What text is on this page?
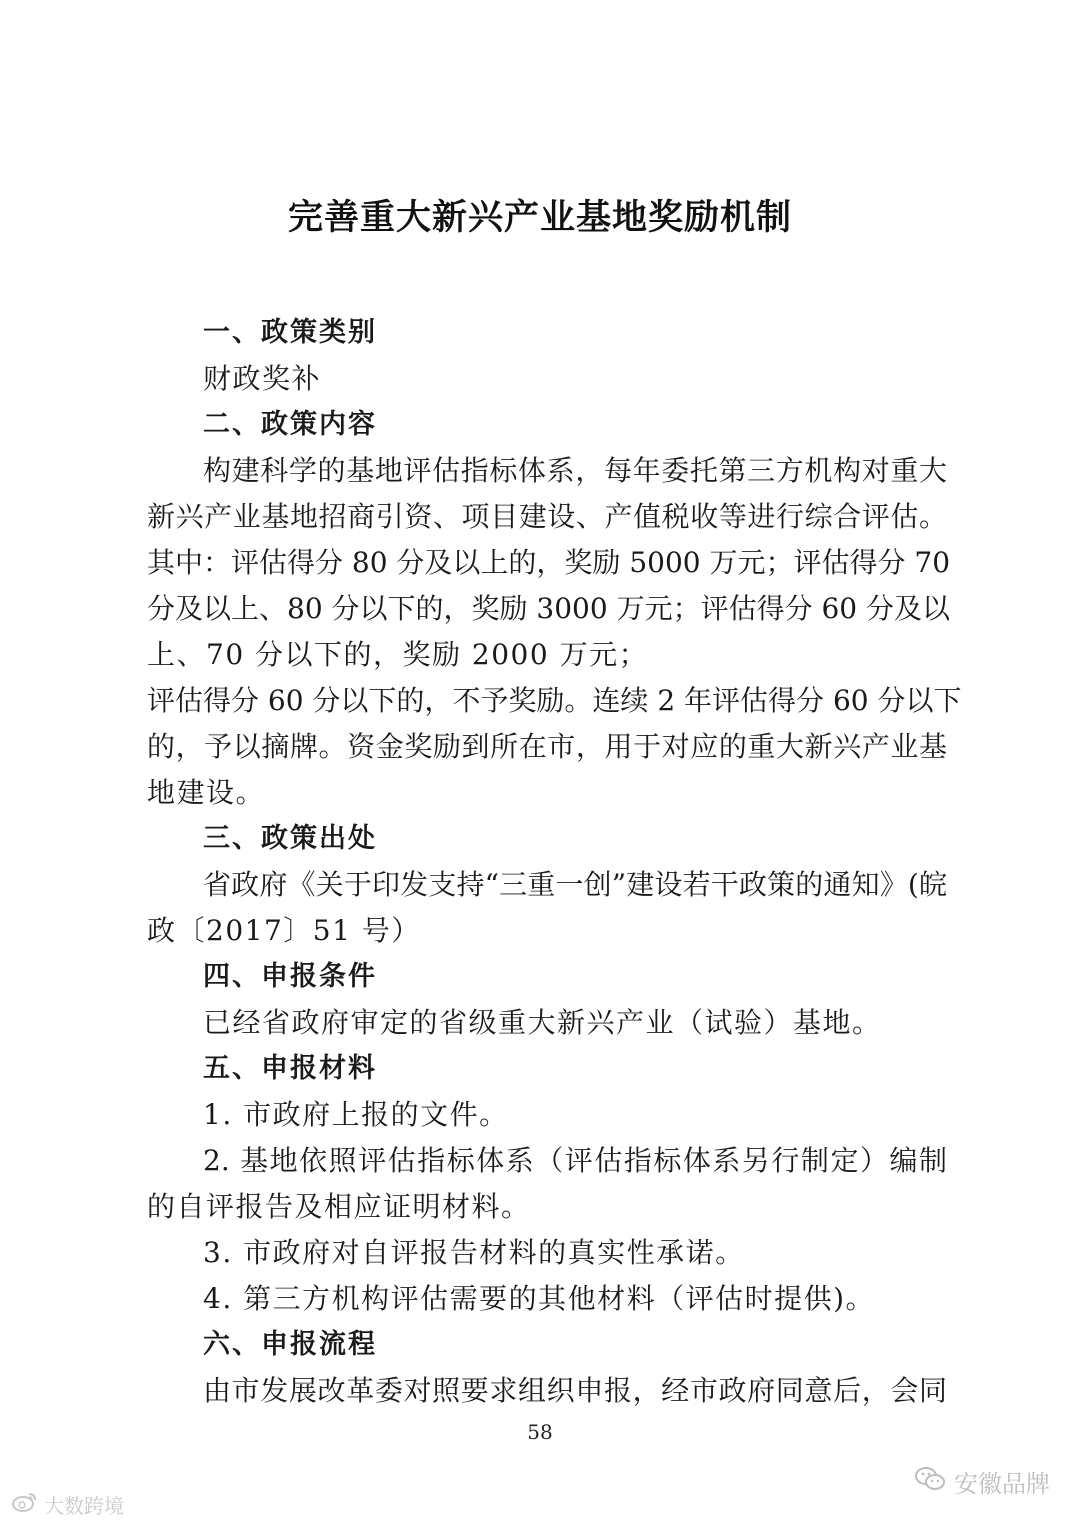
完善重大新兴产业基地奖励机制
一、政策类别
财政奖补
二、政策内容
构建科学的基地评估指标体系，每年委托第三方机构对重大
新兴产业基地招商引资、项目建设、产值税收等进行综合评估。
其中：评估得分 80 分及以上的，奖励 5000 万元；评估得分 70
分及以上、80 分以下的，奖励 3000 万元；评估得分 60 分及以
上、70 分以下的，奖励 2000 万元；
评估得分 60 分以下的，不予奖励。连续 2 年评估得分 60 分以下
的，予以摘牌。资金奖励到所在市，用于对应的重大新兴产业基
地建设。
三、政策出处
省政府《关于印发支持“三重一创”建设若干政策的通知》(皖
政〔2017〕51 号）
四、申报条件
已经省政府审定的省级重大新兴产业（试验）基地。
五、申报材料
1. 市政府上报的文件。
2. 基地依照评估指标体系（评估指标体系另行制定）编制
的自评报告及相应证明材料。
3. 市政府对自评报告材料的真实性承诺。
4. 第三方机构评估需要的其他材料（评估时提供)。
六、申报流程
由市发展改革委对照要求组织申报，经市政府同意后，会同
58
大数跨境
安徽品牌
